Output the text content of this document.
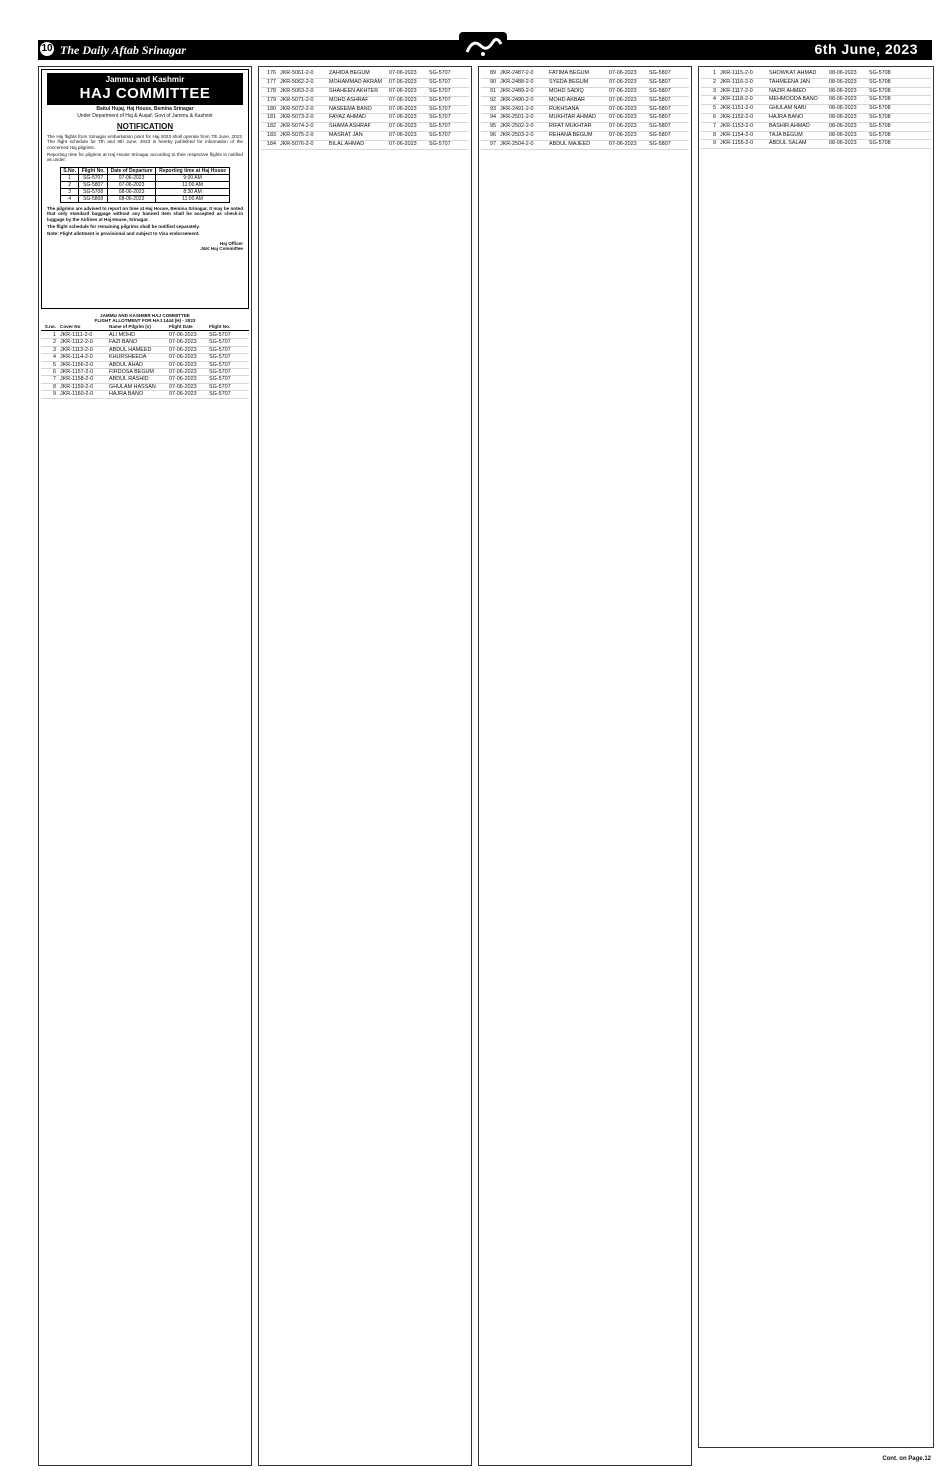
10 The Daily Aftab Srinagar	6th June, 2023
Jammu and Kashmir
HAJ COMMITTEE
Baitul Hujaj, Haj House, Bemina Srinagar
Under Department of Haj & Auqaf, Govt of Jammu & Kashmir
NOTIFICATION
The Haj flights from Srinagar embarkation point for Haj 2023 shall operate from 7th June, 2023. The flight schedule for 7th and 8th June, 2023 is hereby published for information of the concerned Haj pilgrims.
Reporting time for pilgrims at Haj House Srinagar according to their respective flights is notified as under:
S.No.	Flight No.	Date of Departure	Reporting time at Haj House
1	SG-5707	07-06-2023	9:00 AM
2	SG-5807	07-06-2023	11:00 AM
3	SG-5708	08-06-2023	8:30 AM
4	SG-5808	08-06-2023	11:00 AM
The pilgrims are advised to report on time at Haj House, Bemina Srinagar. It may be noted that only standard baggage without any banned item shall be accepted as check-in luggage by the Airlines at Haj House, Srinagar.
The flight schedule for remaining pilgrims shall be notified separately.
Note: Flight allotment is provisional and subject to Visa endorsement.
Haj Officer
J&K Haj Committee
JAMMU AND KASHMIR HAJ COMMITTEE
FLIGHT ALLOTMENT FOR HAJ 1444 (H) - 2023
S.no. Cover No	Name of Pilgrim (s)	Flight Date	Flight No.
1 JKR-1111-2-0	ALI MOHD	07-06-2023 SG-5707
2 JKR-1112-2-0	FAZI BANO	07-06-2023 SG-5707
3 JKR-1113-2-0	ABDUL HAMEED	07-06-2023 SG-5707
4 JKR-1114-2-0	KHURSHEEDA	07-06-2023 SG-5707
5 JKR-1156-2-0	ABDUL AHAD	07-06-2023 SG-5707
6 JKR-1157-2-0	FIRDOSA BEGUM	07-06-2023 SG-5707
7 JKR-1158-2-0	ABDUL RASHID	07-06-2023 SG-5707
8 JKR-1159-2-0	GHULAM HASSAN 07-06-2023 SG-5707
9 JKR-1160-2-0	HAJRA BANO	07-06-2023 SG-5707
176 JKR-5061-2-0	ZAHIDA BEGUM	07-06-2023 SG-5707
177 JKR-5062-2-0	MOHAMMAD AKRAM 07-06-2023 SG-5707
178 JKR-5063-2-0	SHAHEEN AKHTER 07-06-2023 SG-5707
179 JKR-5071-2-0	MOHD ASHRAF	07-06-2023 SG-5707
180 JKR-5072-2-0	NASEEMA BANO	07-06-2023 SG-5707
181 JKR-5073-2-0	FAYAZ AHMAD	07-06-2023 SG-5707
182 JKR-5074-2-0	SHAMA ASHRAF	07-06-2023 SG-5707
183 JKR-5075-2-0	MASRAT JAN	07-06-2023 SG-5707
184 JKR-5076-2-0	BILAL AHMAD	07-06-2023 SG-5707
89 JKR-2487-2-0	FATIMA BEGUM	07-06-2023 SG-5807
90 JKR-2488-2-0	SYEDA BEGUM	07-06-2023 SG-5807
91 JKR-2489-2-0	MOHD SADIQ	07-06-2023 SG-5807
92 JKR-2490-2-0	MOHD AKBAR	07-06-2023 SG-5807
93 JKR-2491-2-0	RUKHSANA	07-06-2023 SG-5807
94 JKR-2501-2-0	MUKHTAR AHMAD 07-06-2023 SG-5807
95 JKR-2502-2-0	RIFAT MUKHTAR	07-06-2023 SG-5807
96 JKR-2503-2-0	REHANA BEGUM	07-06-2023 SG-5807
97 JKR-2504-2-0	ABDUL MAJEED	07-06-2023 SG-5807
1 JKR-1115-2-0	SHOWKAT AHMAD 08-06-2023 SG-5708
2 JKR-1116-2-0	TAHMEENA JAN	08-06-2023 SG-5708
3 JKR-1117-2-0	NAZIR AHMED	08-06-2023 SG-5708
4 JKR-1118-2-0	MEHMOODA BANO 08-06-2023 SG-5708
5 JKR-1151-2-0	GHULAM NABI	08-06-2023 SG-5708
6 JKR-1152-2-0	HAJRA BANO	08-06-2023 SG-5708
7 JKR-1153-2-0	BASHIR AHMAD	08-06-2023 SG-5708
8 JKR-1154-2-0	TAJA BEGUM	08-06-2023 SG-5708
9 JKR-1155-2-0	ABDUL SALAM	08-06-2023 SG-5708
Cont. on Page.12
